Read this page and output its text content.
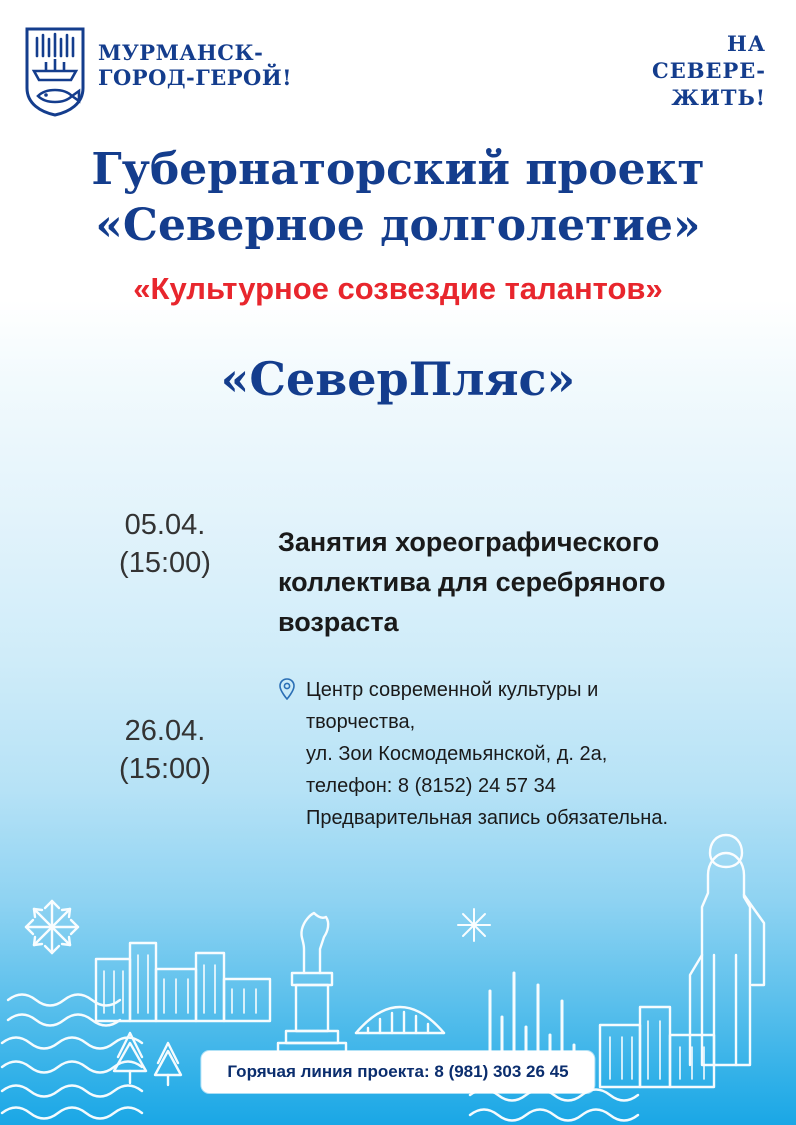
МУРМАНСК-
ГОРОД-ГЕРОЙ!
НА
СЕВЕРЕ-
ЖИТЬ!
Губернаторский проект
«Северное долголетие»
«Культурное созвездие талантов»
«СеверПляс»
05.04.
(15:00)
26.04.
(15:00)
Занятия хореографического коллектива для серебряного возраста
Центр современной культуры и творчества,
ул. Зои Космодемьянской, д. 2а,
телефон: 8 (8152) 24 57 34
Предварительная запись обязательна.
Горячая линия проекта: 8 (981) 303 26 45
